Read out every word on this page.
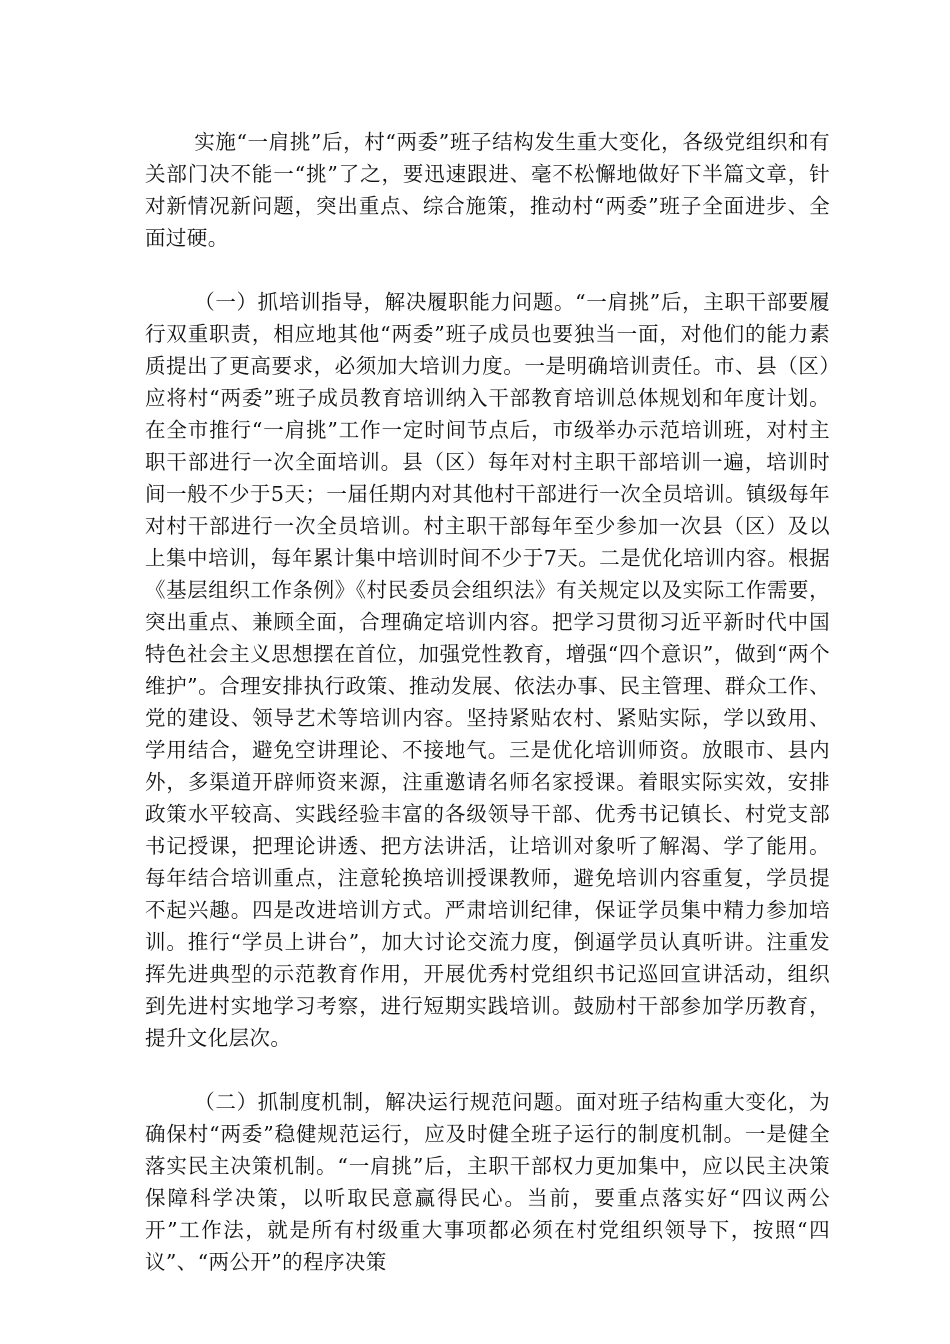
实施“一肩挑”后，村“两委”班子结构发生重大变化，各级党组织和有关部门决不能一“挑”了之，要迅速跟进、毫不松懈地做好下半篇文章，针对新情况新问题，突出重点、综合施策，推动村“两委”班子全面进步、全面过硬。

（一）抓培训指导，解决履职能力问题。“一肩挑”后，主职干部要履行双重职责，相应地其他“两委”班子成员也要独当一面，对他们的能力素质提出了更高要求，必须加大培训力度。一是明确培训责任。市、县（区）应将村“两委”班子成员教育培训纳入干部教育培训总体规划和年度计划。在全市推行“一肩挑”工作一定时间节点后，市级举办示范培训班，对村主职干部进行一次全面培训。县（区）每年对村主职干部培训一遍，培训时间一般不少于5天；一届任期内对其他村干部进行一次全员培训。镇级每年对村干部进行一次全员培训。村主职干部每年至少参加一次县（区）及以上集中培训，每年累计集中培训时间不少于7天。二是优化培训内容。根据《基层组织工作条例》《村民委员会组织法》有关规定以及实际工作需要，突出重点、兼顾全面，合理确定培训内容。把学习贯彻习近平新时代中国特色社会主义思想摆在首位，加强党性教育，增强“四个意识”，做到“两个维护”。合理安排执行政策、推动发展、依法办事、民主管理、群众工作、党的建设、领导艺术等培训内容。坚持紧贴农村、紧贴实际，学以致用、学用结合，避免空讲理论、不接地气。三是优化培训师资。放眼市、县内外，多渠道开辟师资来源，注重邀请名师名家授课。着眼实际实效，安排政策水平较高、实践经验丰富的各级领导干部、优秀书记镇长、村党支部书记授课，把理论讲透、把方法讲活，让培训对象听了解渴、学了能用。每年结合培训重点，注意轮换培训授课教师，避免培训内容重复，学员提不起兴趣。四是改进培训方式。严肃培训纪律，保证学员集中精力参加培训。推行“学员上讲台”，加大讨论交流力度，倒逼学员认真听讲。注重发挥先进典型的示范教育作用，开展优秀村党组织书记巡回宣讲活动，组织到先进村实地学习考察，进行短期实践培训。鼓励村干部参加学历教育，提升文化层次。

（二）抓制度机制，解决运行规范问题。面对班子结构重大变化，为确保村“两委”稳健规范运行，应及时健全班子运行的制度机制。一是健全落实民主决策机制。“一肩挑”后，主职干部权力更加集中，应以民主决策保障科学决策，以听取民意赢得民心。当前，要重点落实好“四议两公开”工作法，就是所有村级重大事项都必须在村党组织领导下，按照“四议”、“两公开”的程序决策
